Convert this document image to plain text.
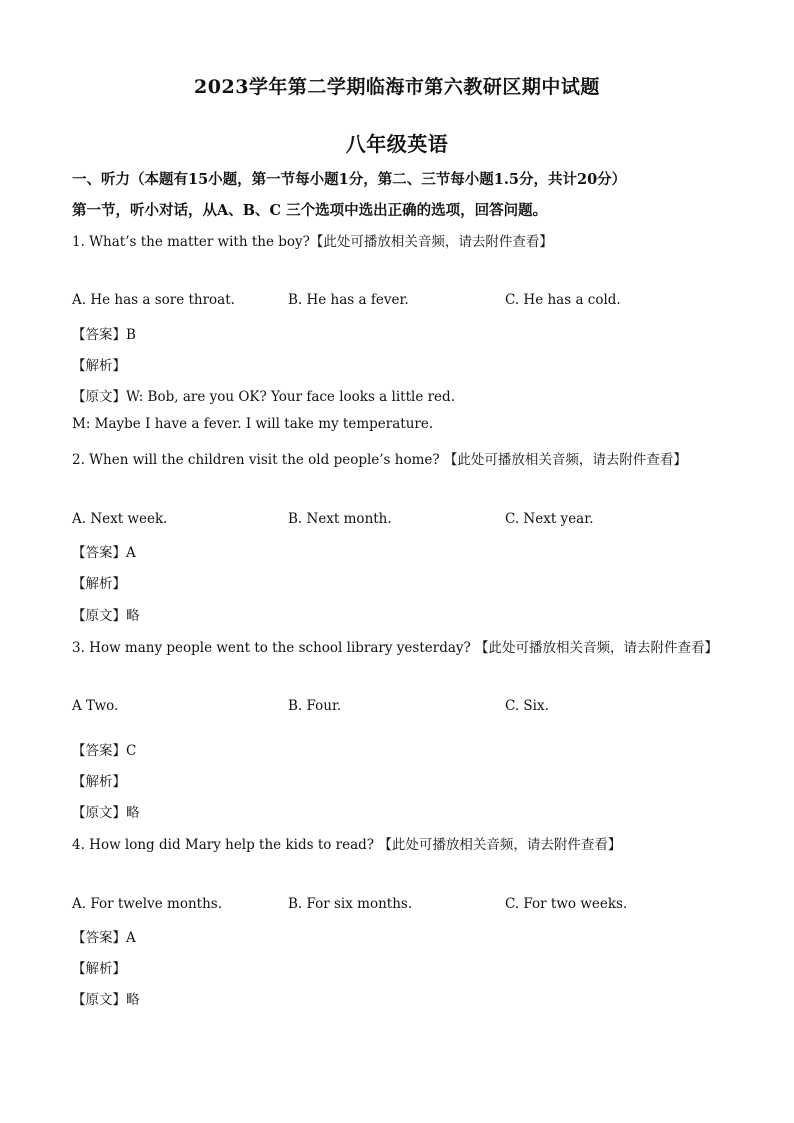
2023学年第二学期临海市第六教研区期中试题
八年级英语
一、听力（本题有15小题，第一节每小题1分，第二、三节每小题1.5分，共计20分）
第一节，听小对话，从A、B、C 三个选项中选出正确的选项，回答问题。
1. What’s the matter with the boy?【此处可播放相关音频，请去附件查看】
A. He has a sore throat.	B. He has a fever.	C. He has a cold.
【答案】B
【解析】
【原文】W: Bob, are you OK? Your face looks a little red.
M: Maybe I have a fever. I will take my temperature.
2. When will the children visit the old people’s home? 【此处可播放相关音频，请去附件查看】
A. Next week.	B. Next month.	C. Next year.
【答案】A
【解析】
【原文】略
3. How many people went to the school library yesterday? 【此处可播放相关音频，请去附件查看】
A Two.	B. Four.	C. Six.
【答案】C
【解析】
【原文】略
4. How long did Mary help the kids to read? 【此处可播放相关音频，请去附件查看】
A. For twelve months.	B. For six months.	C. For two weeks.
【答案】A
【解析】
【原文】略
